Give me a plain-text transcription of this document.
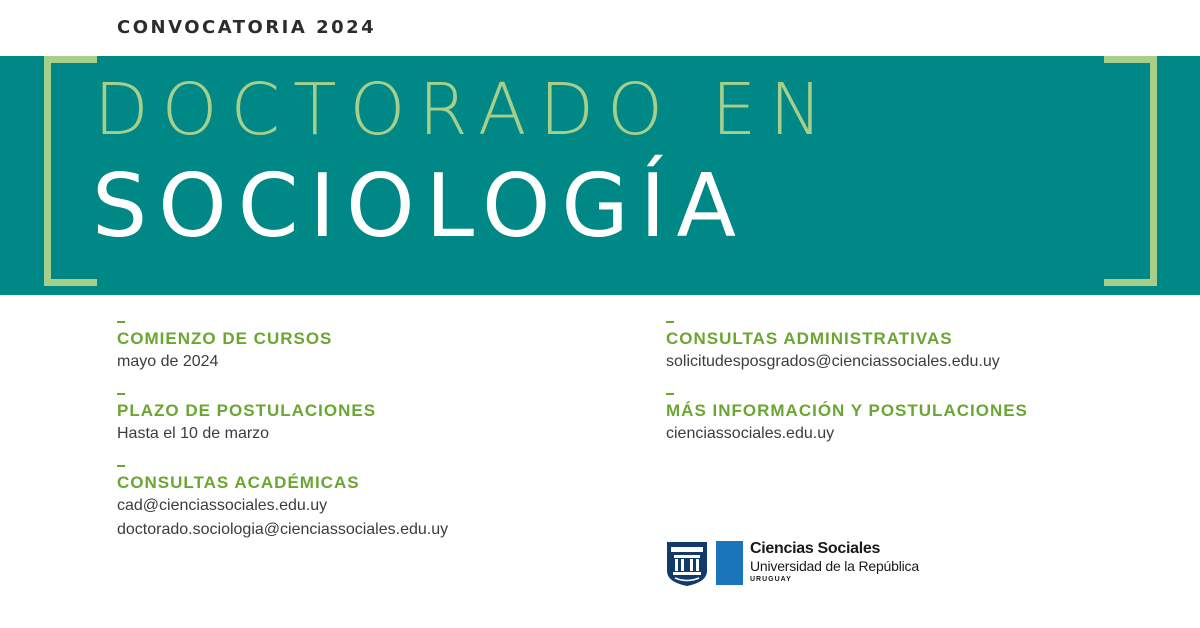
CONVOCATORIA 2024
DOCTORADO EN
SOCIOLOGÍA
COMIENZO DE CURSOS
mayo de 2024
PLAZO DE POSTULACIONES
Hasta el 10 de marzo
CONSULTAS ACADÉMICAS
cad@cienciassociales.edu.uy
doctorado.sociologia@cienciassociales.edu.uy
CONSULTAS ADMINISTRATIVAS
solicitudesposgrados@cienciassociales.edu.uy
MÁS INFORMACIÓN Y POSTULACIONES
cienciassociales.edu.uy
Ciencias Sociales
Universidad de la República
URUGUAY
